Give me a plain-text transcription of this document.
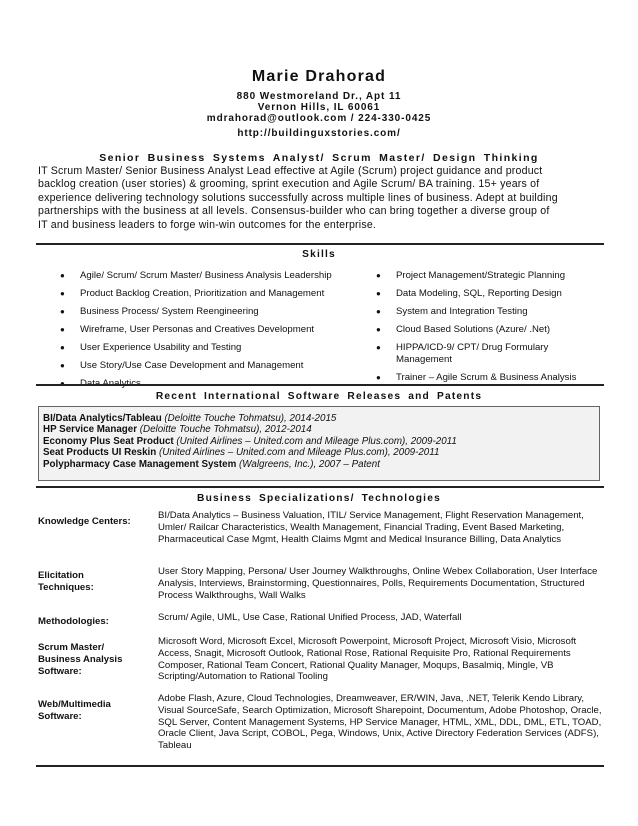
Marie Drahorad
880 Westmoreland Dr., Apt 11
Vernon Hills, IL 60061
mdrahorad@outlook.com / 224-330-0425
http://buildinguxstories.com/
Senior Business Systems Analyst/ Scrum Master/ Design Thinking
IT Scrum Master/ Senior Business Analyst Lead effective at Agile (Scrum) project guidance and product
backlog creation (user stories) & grooming, sprint execution and Agile Scrum/ BA training. 15+ years of
experience delivering technology solutions successfully across multiple lines of business. Adept at building
partnerships with the business at all levels. Consensus-builder who can bring together a diverse group of
IT and business leaders to forge win-win outcomes for the enterprise.
Skills
● Agile/ Scrum/ Scrum Master/ Business Analysis Leadership
● Product Backlog Creation, Prioritization and Management
● Business Process/ System Reengineering
● Wireframe, User Personas and Creatives Development
● User Experience Usability and Testing
● Use Story/Use Case Development and Management
● Data Analytics
● Project Management/Strategic Planning
● Data Modeling, SQL, Reporting Design
● System and Integration Testing
● Cloud Based Solutions (Azure/ .Net)
● HIPPA/ICD-9/ CPT/ Drug Formulary Management
● Trainer – Agile Scrum & Business Analysis
Recent International Software Releases and Patents
BI/Data Analytics/Tableau (Deloitte Touche Tohmatsu), 2014-2015
HP Service Manager (Deloitte Touche Tohmatsu), 2012-2014
Economy Plus Seat Product (United Airlines – United.com and Mileage Plus.com), 2009-2011
Seat Products UI Reskin (United Airlines – United.com and Mileage Plus.com), 2009-2011
Polypharmacy Case Management System (Walgreens, Inc.), 2007 – Patent
Business Specializations/ Technologies
Knowledge Centers:
BI/Data Analytics – Business Valuation, ITIL/ Service Management, Flight Reservation Management, Umler/ Railcar Characteristics, Wealth Management, Financial Trading, Event Based Marketing, Pharmaceutical Case Mgmt, Health Claims Mgmt and Medical Insurance Billing, Data Analytics
Elicitation Techniques:
User Story Mapping, Persona/ User Journey Walkthroughs, Online Webex Collaboration, User Interface Analysis, Interviews, Brainstorming, Questionnaires, Polls, Requirements Documentation, Structured Process Walkthroughs, Wall Walks
Methodologies:	Scrum/ Agile, UML, Use Case, Rational Unified Process, JAD, Waterfall
Scrum Master/ Business Analysis Software:
Microsoft Word, Microsoft Excel, Microsoft Powerpoint, Microsoft Project, Microsoft Visio, Microsoft Access, Snagit, Microsoft Outlook, Rational Rose, Rational Requisite Pro, Rational Requirements Composer, Rational Team Concert, Rational Quality Manager, Moqups, Basalmiq, Mingle, VB Scripting/Automation to Rational Tooling
Web/Multimedia Software:
Adobe Flash, Azure, Cloud Technologies, Dreamweaver, ER/WIN, Java, .NET, Telerik Kendo Library, Visual SourceSafe, Search Optimization, Microsoft Sharepoint, Documentum, Adobe Photoshop, Oracle, SQL Server, Content Management Systems, HP Service Manager, HTML, XML, DDL, DML, ETL, TOAD, Oracle Client, Java Script, COBOL, Pega, Windows, Unix, Active Directory Federation Services (ADFS), Tableau
